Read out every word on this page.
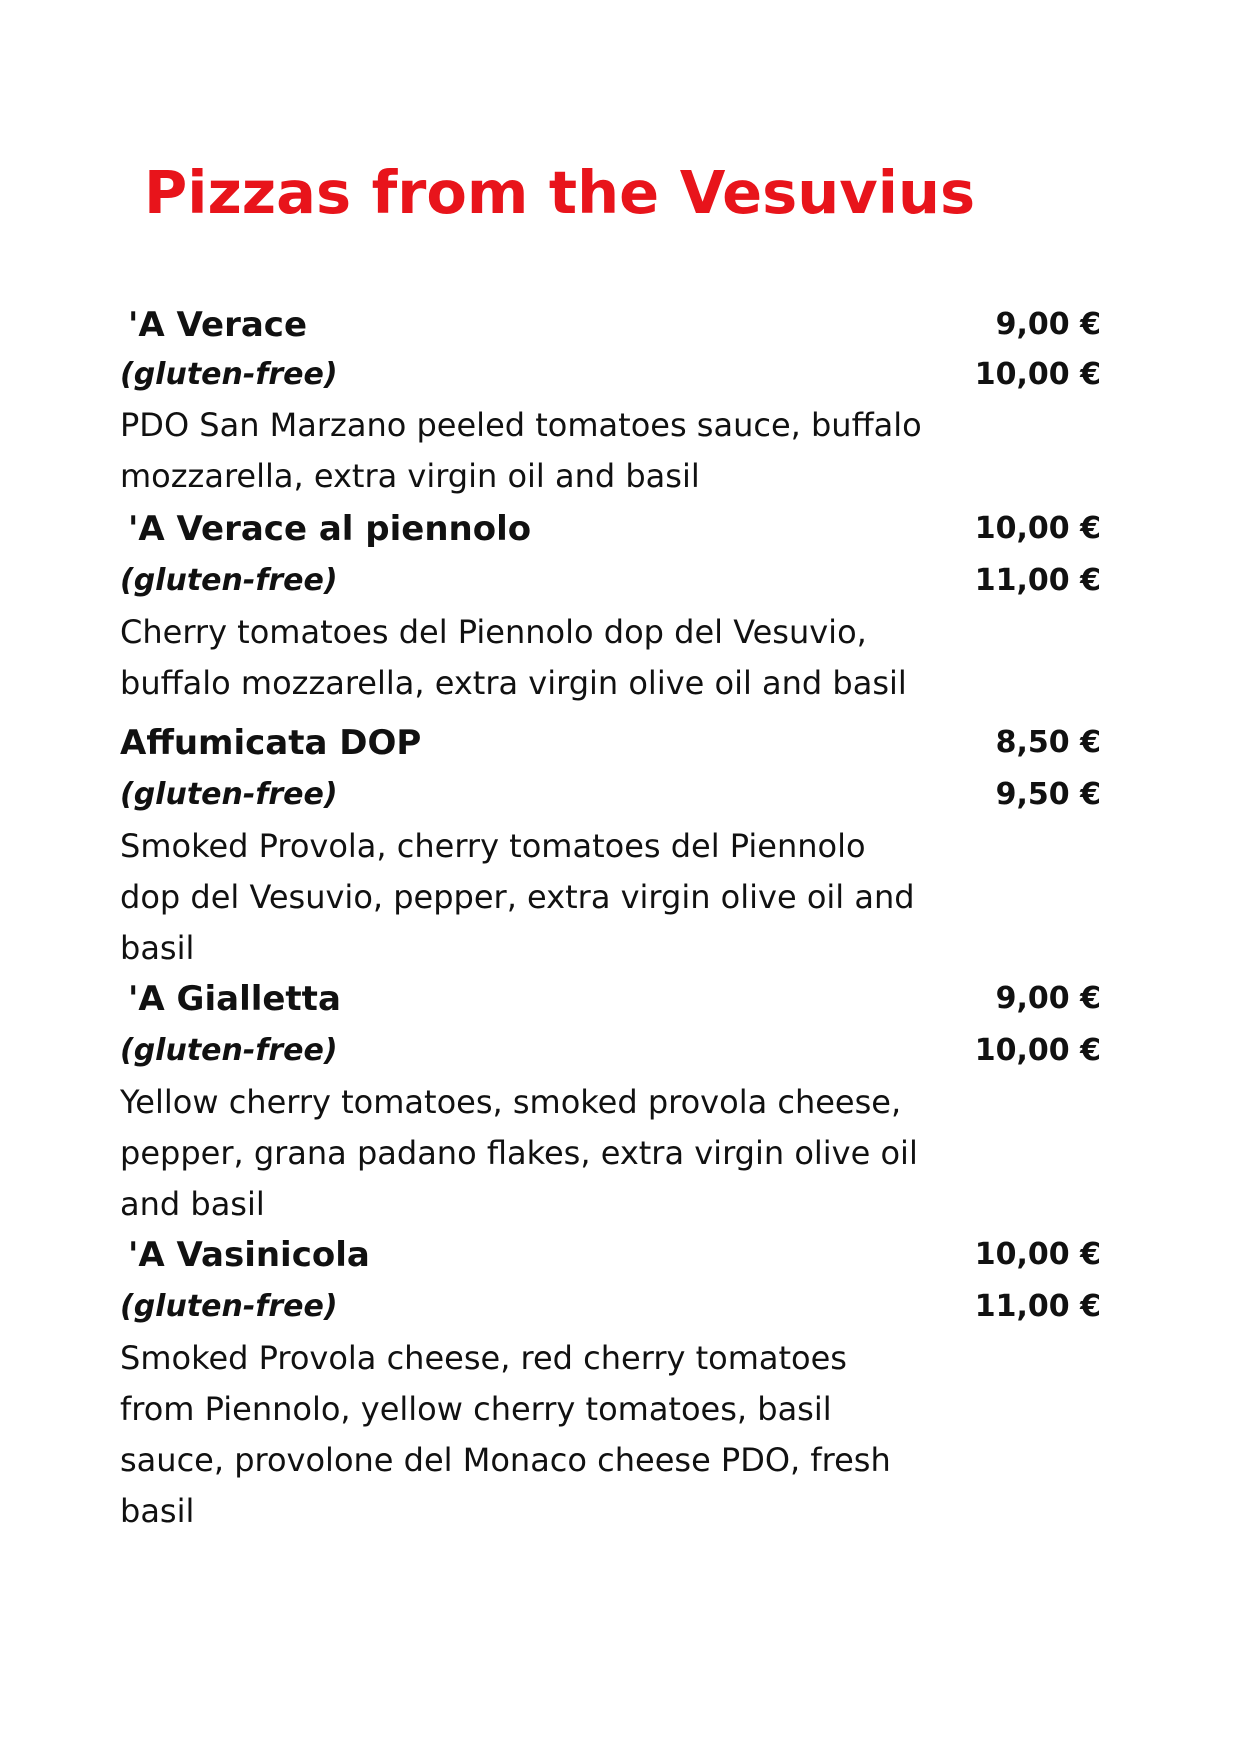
Pizzas from the Vesuvius
'A Verace	9,00 €
(gluten-free)	10,00 €
PDO San Marzano peeled tomatoes sauce, buffalo
mozzarella, extra virgin oil and basil
'A Verace al piennolo	10,00 €
(gluten-free)	11,00 €
Cherry tomatoes del Piennolo dop del Vesuvio,
buffalo mozzarella, extra virgin olive oil and basil
Affumicata DOP	8,50 €
(gluten-free)	9,50 €
Smoked Provola, cherry tomatoes del Piennolo
dop del Vesuvio, pepper, extra virgin olive oil and
basil
'A Gialletta	9,00 €
(gluten-free)	10,00 €
Yellow cherry tomatoes, smoked provola cheese,
pepper, grana padano flakes, extra virgin olive oil
and basil
'A Vasinicola	10,00 €
(gluten-free)	11,00 €
Smoked Provola cheese, red cherry tomatoes
from Piennolo, yellow cherry tomatoes, basil
sauce, provolone del Monaco cheese PDO, fresh
basil
